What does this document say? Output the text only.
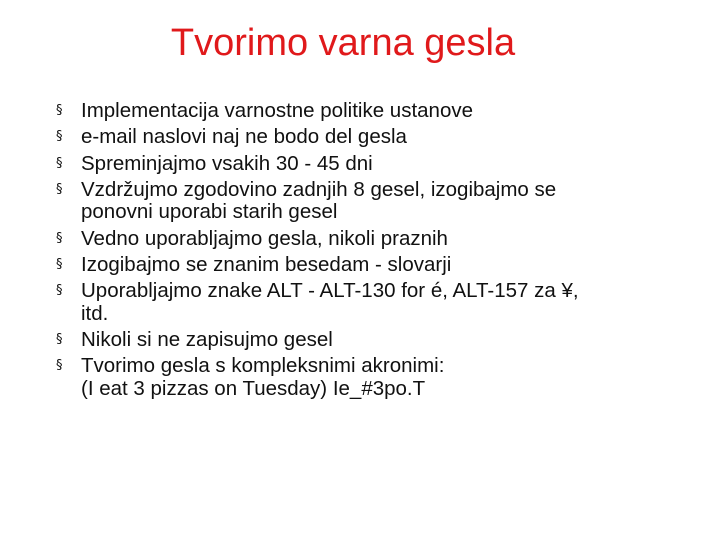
Tvorimo varna gesla
§ Implementacija varnostne politike ustanove
§ e-mail naslovi naj ne bodo del gesla
§ Spreminjajmo vsakih 30 - 45 dni
§ Vzdržujmo zgodovino zadnjih 8 gesel, izogibajmo se
ponovni uporabi starih gesel
§ Vedno uporabljajmo gesla, nikoli praznih
§ Izogibajmo se znanim besedam - slovarji
§ Uporabljajmo znake ALT - ALT-130 for é, ALT-157 za ¥,
itd.
§ Nikoli si ne zapisujmo gesel
§ Tvorimo gesla s kompleksnimi akronimi:
(I eat 3 pizzas on Tuesday) Ie_#3po.T
